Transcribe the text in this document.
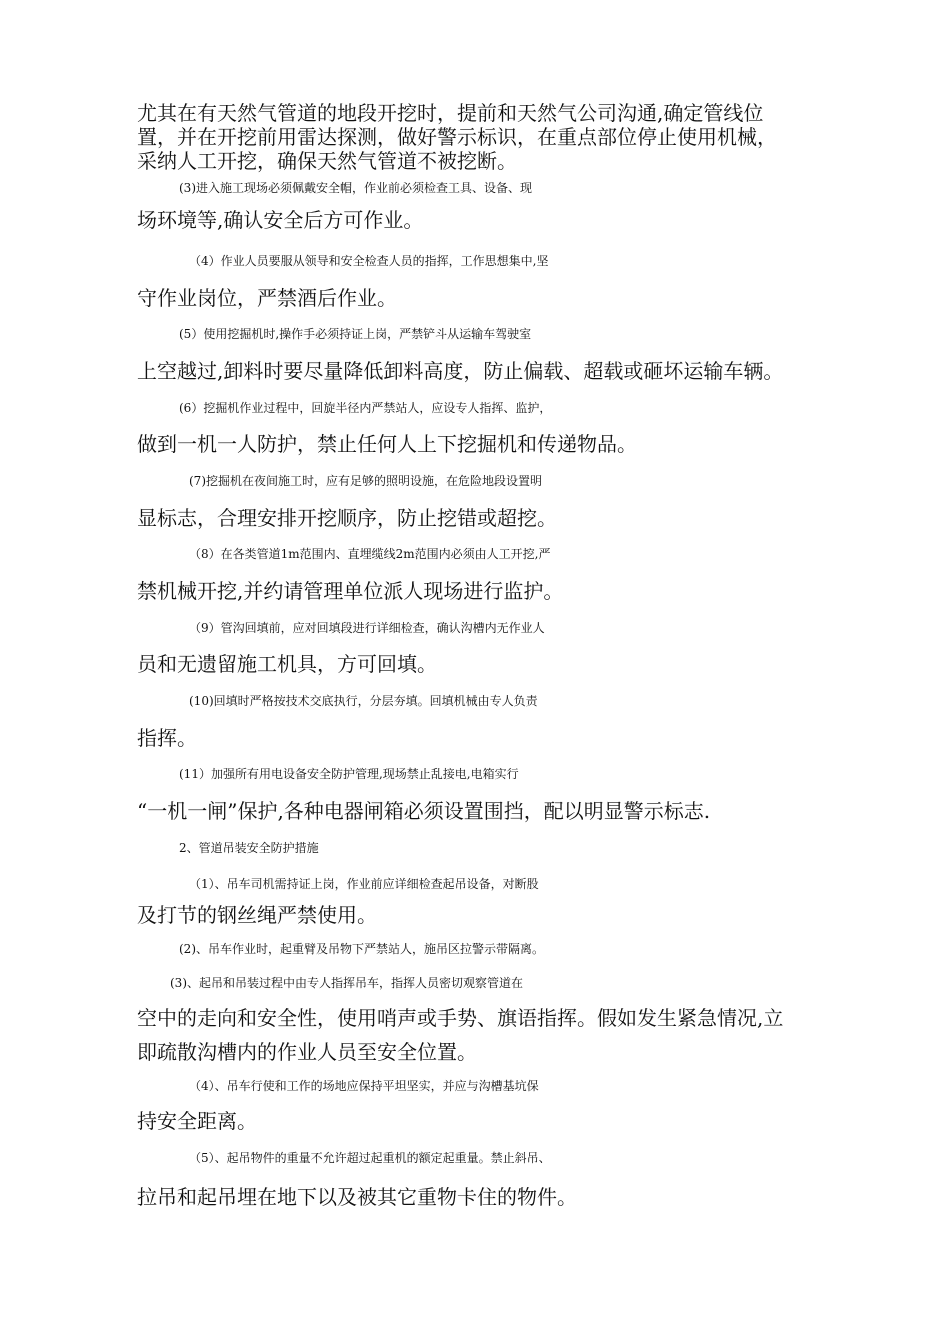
尤其在有天然气管道的地段开挖时，提前和天然气公司沟通,确定管线位
置，并在开挖前用雷达探测，做好警示标识，在重点部位停止使用机械，
采纳人工开挖，确保天然气管道不被挖断。
(3)进入施工现场必须佩戴安全帽，作业前必须检查工具、设备、现
场环境等,确认安全后方可作业。
（4）作业人员要服从领导和安全检查人员的指挥，工作思想集中,坚
守作业岗位，严禁酒后作业。
(5）使用挖掘机时,操作手必须持证上岗，严禁铲斗从运输车驾驶室
上空越过,卸料时要尽量降低卸料高度，防止偏载、超载或砸坏运输车辆。
(6）挖掘机作业过程中，回旋半径内严禁站人，应设专人指挥、监护，
做到一机一人防护，禁止任何人上下挖掘机和传递物品。
(7)挖掘机在夜间施工时，应有足够的照明设施，在危险地段设置明
显标志，合理安排开挖顺序，防止挖错或超挖。
（8）在各类管道1m范围内、直埋缆线2m范围内必须由人工开挖,严
禁机械开挖,并约请管理单位派人现场进行监护。
（9）管沟回填前，应对回填段进行详细检查，确认沟槽内无作业人
员和无遗留施工机具，方可回填。
(10)回填时严格按技术交底执行，分层夯填。回填机械由专人负责
指挥。
(11）加强所有用电设备安全防护管理,现场禁止乱接电,电箱实行
“一机一闸”保护,各种电器闸箱必须设置围挡，配以明显警示标志.
2、管道吊装安全防护措施
（1）、吊车司机需持证上岗，作业前应详细检查起吊设备，对断股
及打节的钢丝绳严禁使用。
(2)、吊车作业时，起重臂及吊物下严禁站人，施吊区拉警示带隔离。
(3)、起吊和吊装过程中由专人指挥吊车，指挥人员密切观察管道在
空中的走向和安全性，使用哨声或手势、旗语指挥。假如发生紧急情况,立
即疏散沟槽内的作业人员至安全位置。
（4）、吊车行使和工作的场地应保持平坦坚实，并应与沟槽基坑保
持安全距离。
（5）、起吊物件的重量不允许超过起重机的额定起重量。禁止斜吊、
拉吊和起吊埋在地下以及被其它重物卡住的物件。
